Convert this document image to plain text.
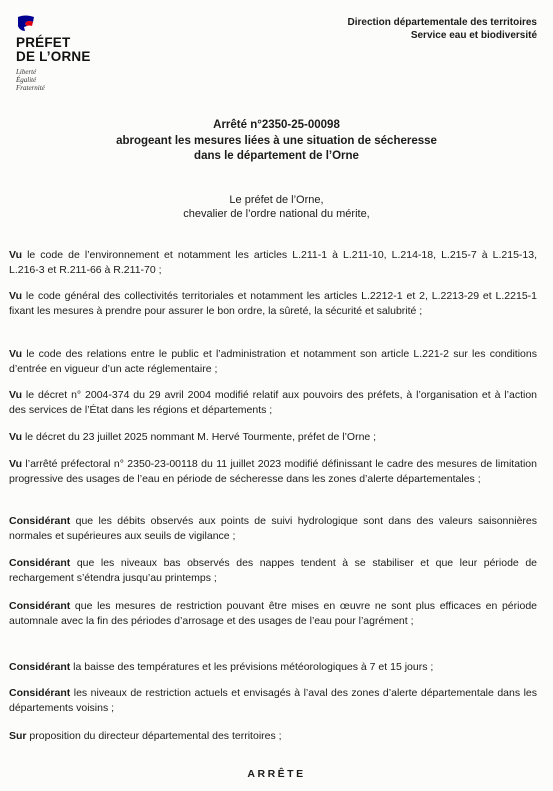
PRÉFET
DE L’ORNE
Liberté
Égalité
Fraternité
Direction départementale des territoires
Service eau et biodiversité
Arrêté n°2350-25-00098
abrogeant les mesures liées à une situation de sécheresse
dans le département de l’Orne
Le préfet de l’Orne,
chevalier de l’ordre national du mérite,

Vu le code de l’environnement et notamment les articles L.211-1 à L.211-10, L.214-18, L.215-7 à L.215-13, L.216-3 et R.211-66 à R.211-70 ;

Vu le code général des collectivités territoriales et notamment les articles L.2212-1 et 2, L.2213-29 et L.2215-1 fixant les mesures à prendre pour assurer le bon ordre, la sûreté, la sécurité et salubrité ;

Vu le code des relations entre le public et l’administration et notamment son article L.221-2 sur les conditions d’entrée en vigueur d’un acte réglementaire ;

Vu le décret n° 2004-374 du 29 avril 2004 modifié relatif aux pouvoirs des préfets, à l’organisation et à l’action des services de l’État dans les régions et départements ;

Vu le décret du 23 juillet 2025 nommant M. Hervé Tourmente, préfet de l’Orne ;

Vu l’arrêté préfectoral n° 2350-23-00118 du 11 juillet 2023 modifié définissant le cadre des mesures de limitation progressive des usages de l’eau en période de sécheresse dans les zones d’alerte départementales ;

Considérant que les débits observés aux points de suivi hydrologique sont dans des valeurs saisonnières normales et supérieures aux seuils de vigilance ;

Considérant que les niveaux bas observés des nappes tendent à se stabiliser et que leur période de rechargement s’étendra jusqu’au printemps ;

Considérant que les mesures de restriction pouvant être mises en œuvre ne sont plus efficaces en période automnale avec la fin des périodes d’arrosage et des usages de l’eau pour l’agrément ;

Considérant la baisse des températures et les prévisions météorologiques à 7 et 15 jours ;

Considérant les niveaux de restriction actuels et envisagés à l’aval des zones d’alerte départementale dans les départements voisins ;

Sur proposition du directeur départemental des territoires ;

ARRÊTE
